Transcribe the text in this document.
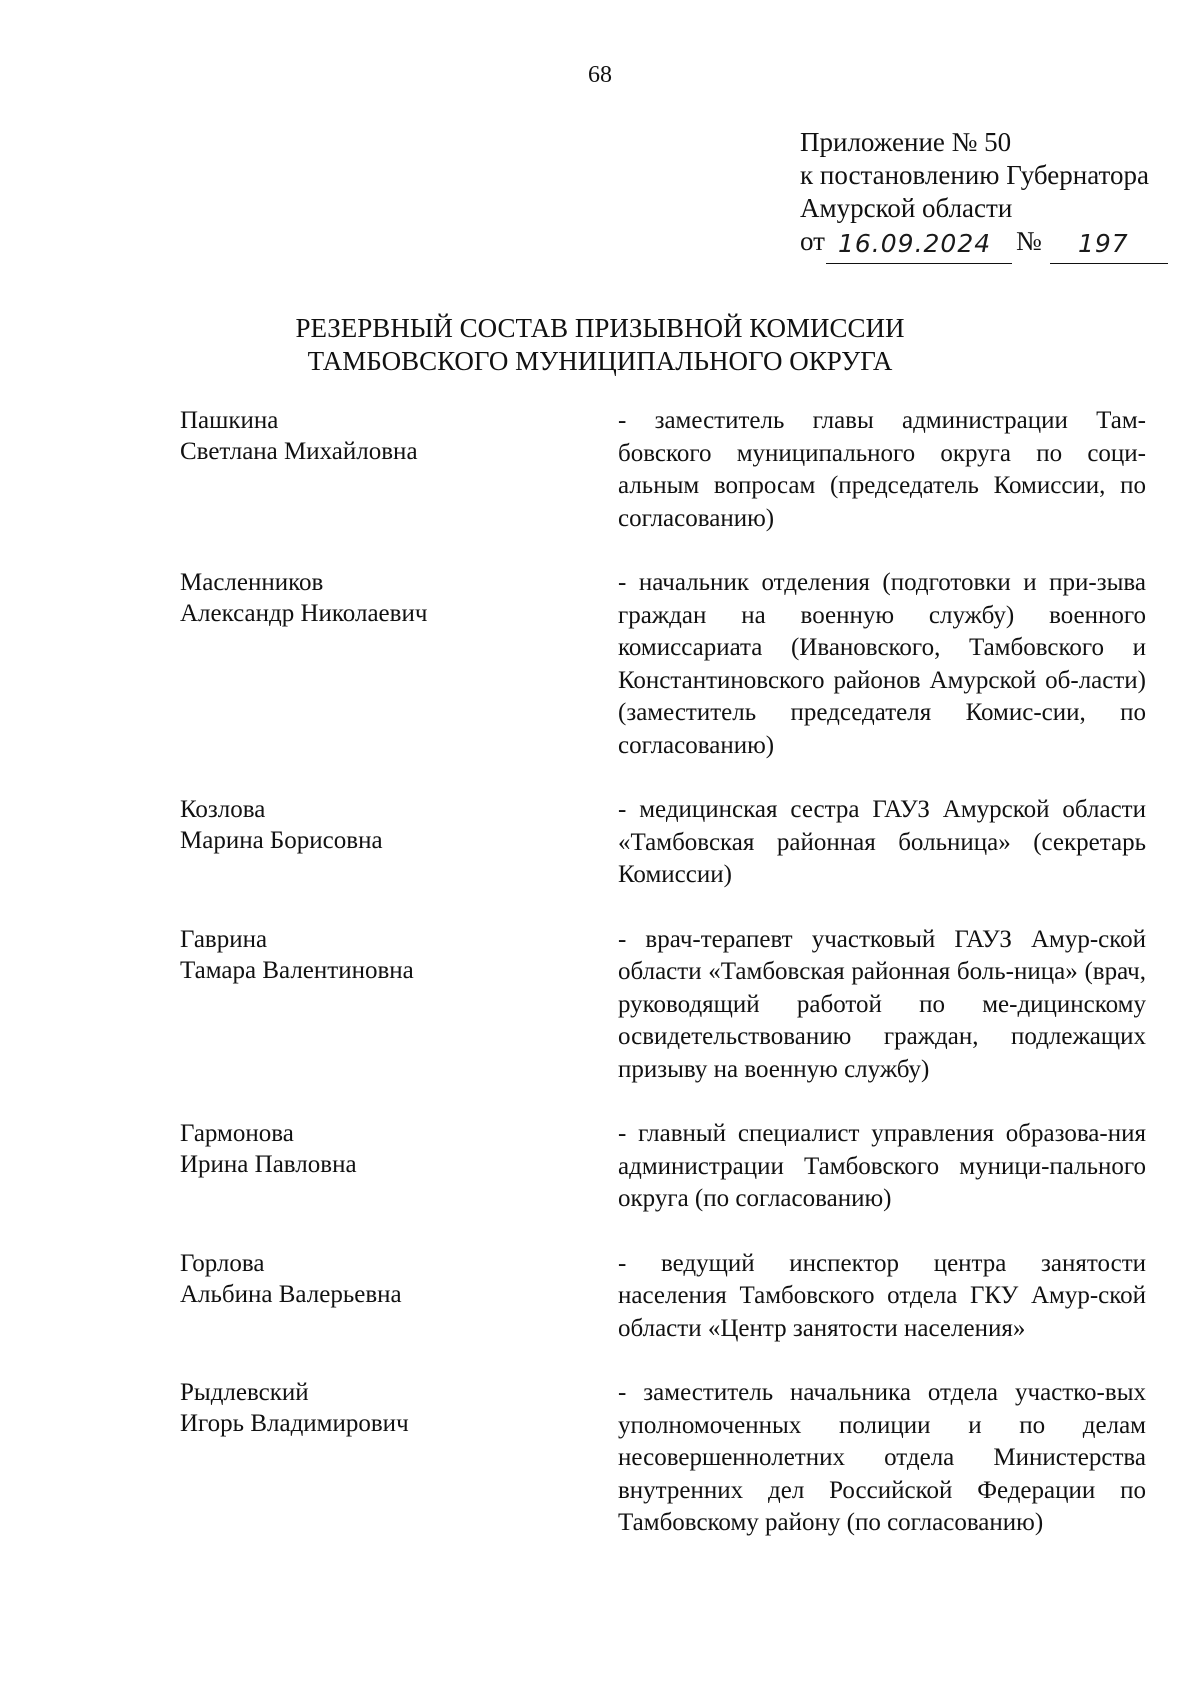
68
Приложение № 50
к постановлению Губернатора
Амурской области
от 16.09.2024 № 197
РЕЗЕРВНЫЙ СОСТАВ ПРИЗЫВНОЙ КОМИССИИ
ТАМБОВСКОГО МУНИЦИПАЛЬНОГО ОКРУГА
Пашкина
Светлана Михайловна
- заместитель главы администрации Там-бовского муниципального округа по соци-альным вопросам (председатель Комиссии, по согласованию)
Масленников
Александр Николаевич
- начальник отделения (подготовки и при-зыва граждан на военную службу) военного комиссариата (Ивановского, Тамбовского и Константиновского районов Амурской об-ласти) (заместитель председателя Комис-сии, по согласованию)
Козлова
Марина Борисовна
- медицинская сестра ГАУЗ Амурской области «Тамбовская районная больница» (секретарь Комиссии)
Гаврина
Тамара Валентиновна
- врач-терапевт участковый ГАУЗ Амур-ской области «Тамбовская районная боль-ница» (врач, руководящий работой по ме-дицинскому освидетельствованию граждан, подлежащих призыву на военную службу)
Гармонова
Ирина Павловна
- главный специалист управления образова-ния администрации Тамбовского муници-пального округа (по согласованию)
Горлова
Альбина Валерьевна
- ведущий инспектор центра занятости населения Тамбовского отдела ГКУ Амур-ской области «Центр занятости населения»
Рыдлевский
Игорь Владимирович
- заместитель начальника отдела участко-вых уполномоченных полиции и по делам несовершеннолетних отдела Министерства внутренних дел Российской Федерации по Тамбовскому району (по согласованию)
